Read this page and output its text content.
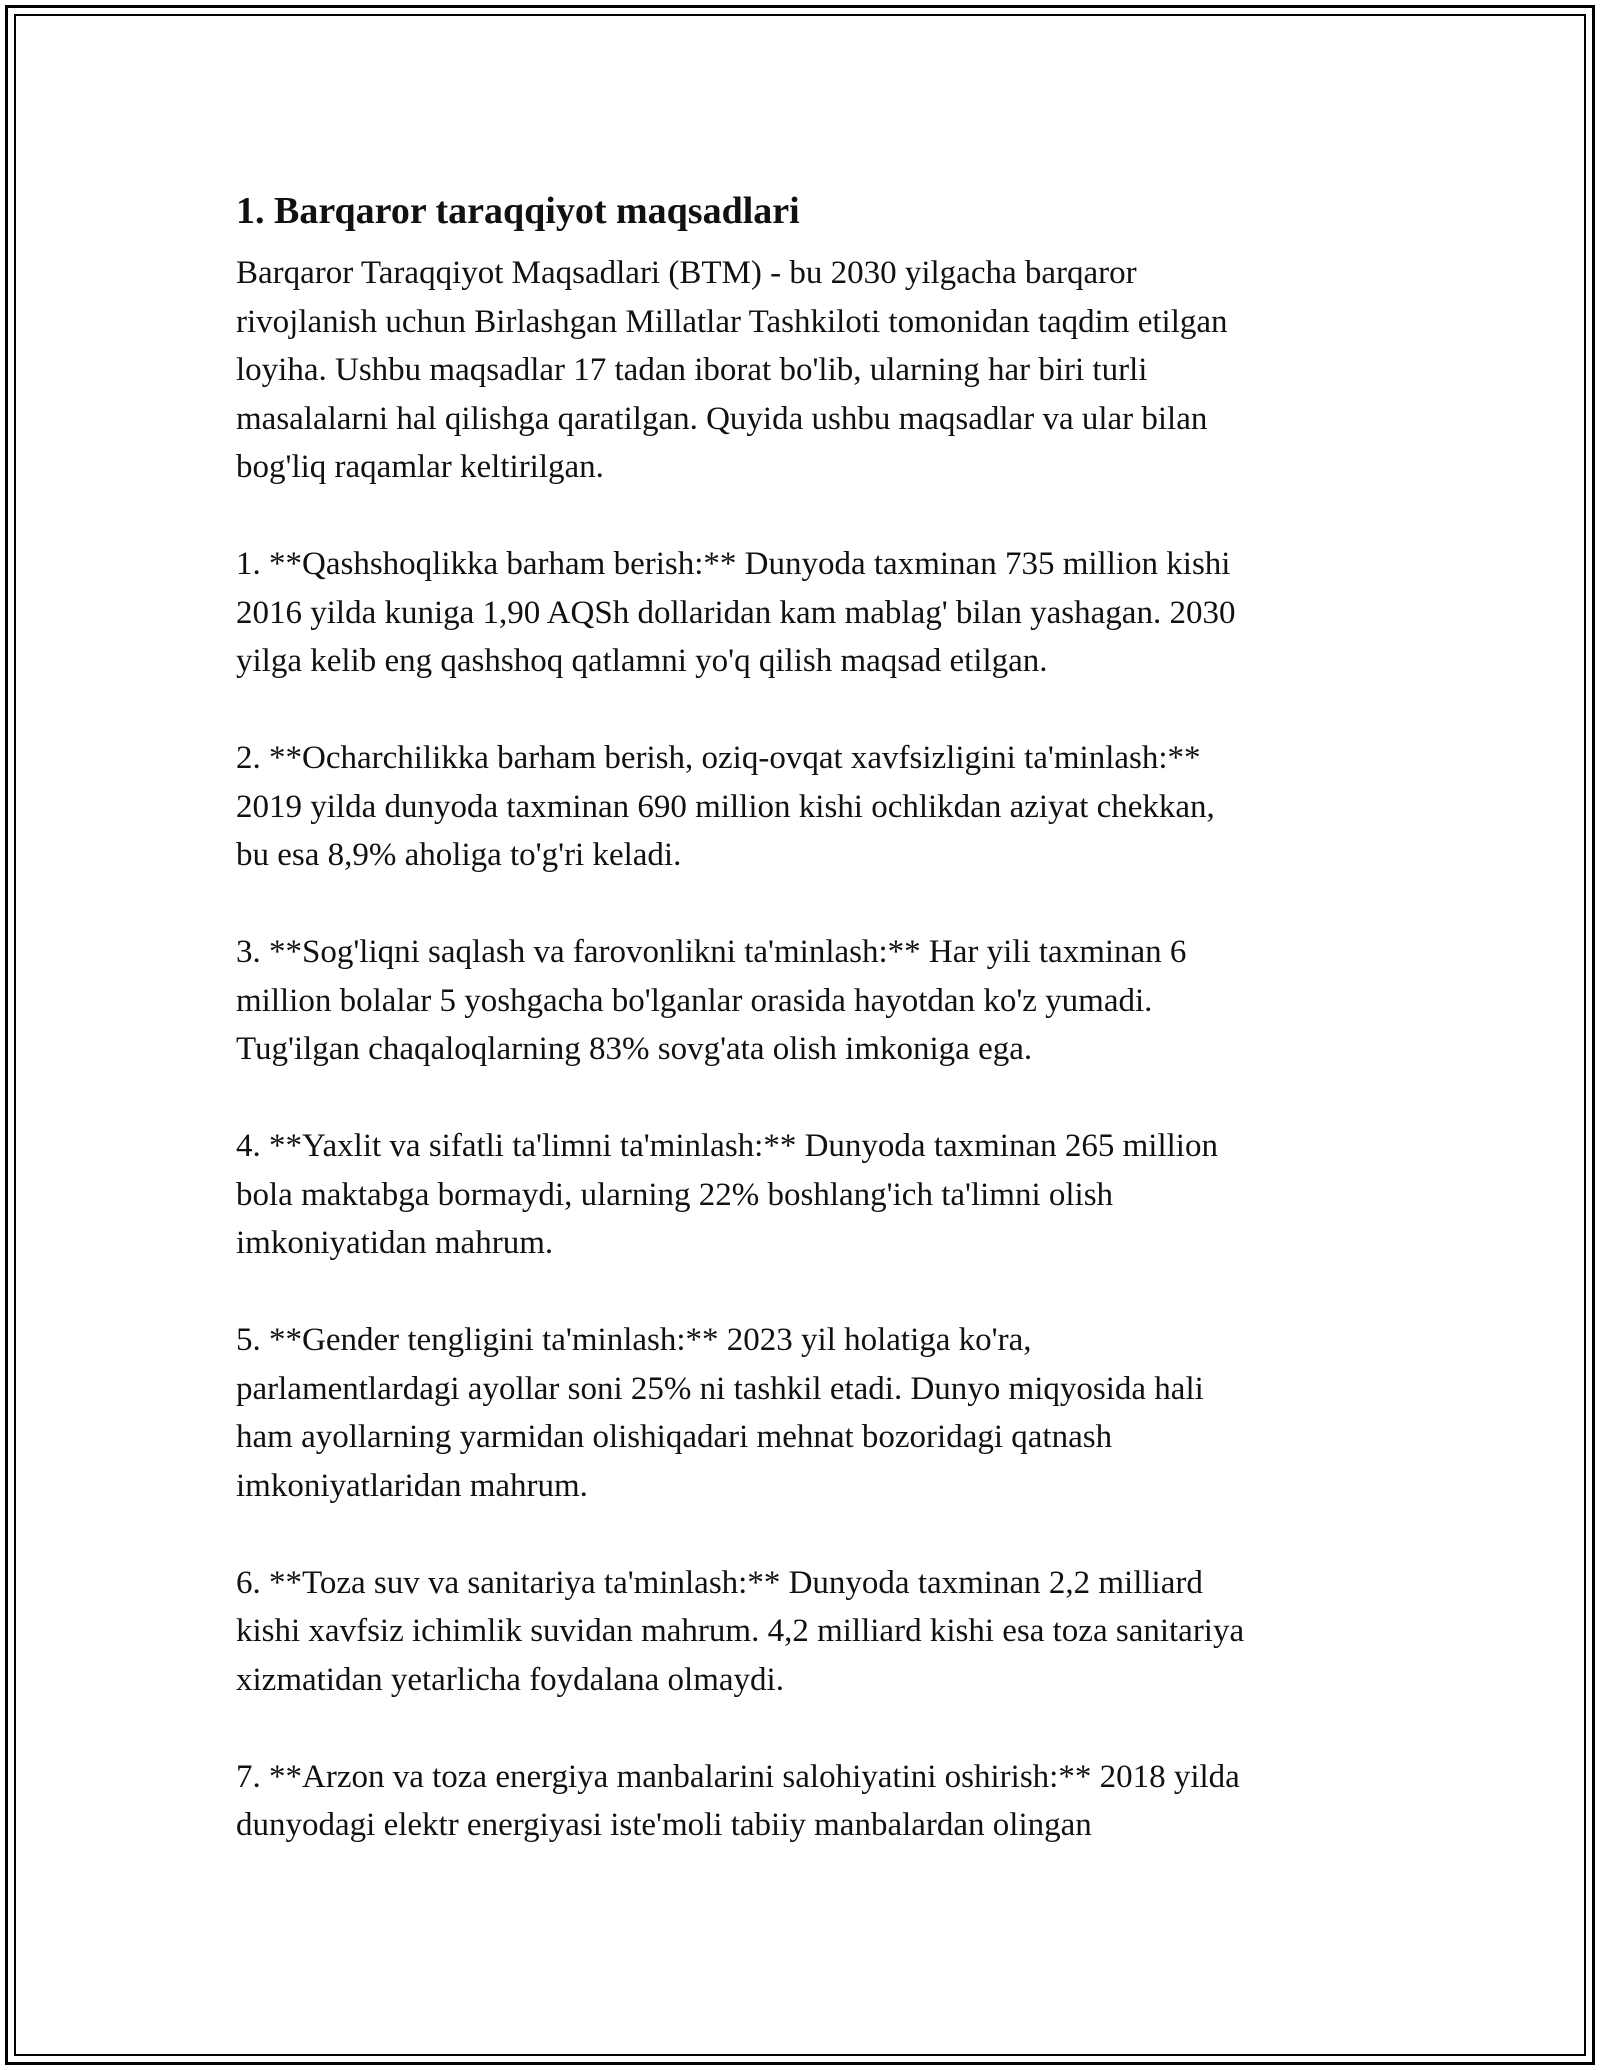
1. Barqaror taraqqiyot maqsadlari
Barqaror Taraqqiyot Maqsadlari (BTM) - bu 2030 yilgacha barqaror
rivojlanish uchun Birlashgan Millatlar Tashkiloti tomonidan taqdim etilgan
loyiha. Ushbu maqsadlar 17 tadan iborat bo'lib, ularning har biri turli
masalalarni hal qilishga qaratilgan. Quyida ushbu maqsadlar va ular bilan
bog'liq raqamlar keltirilgan.
1. **Qashshoqlikka barham berish:** Dunyoda taxminan 735 million kishi
2016 yilda kuniga 1,90 AQSh dollaridan kam mablag' bilan yashagan. 2030
yilga kelib eng qashshoq qatlamni yo'q qilish maqsad etilgan.
2. **Ocharchilikka barham berish, oziq-ovqat xavfsizligini ta'minlash:**
2019 yilda dunyoda taxminan 690 million kishi ochlikdan aziyat chekkan,
bu esa 8,9% aholiga to'g'ri keladi.
3. **Sog'liqni saqlash va farovonlikni ta'minlash:** Har yili taxminan 6
million bolalar 5 yoshgacha bo'lganlar orasida hayotdan ko'z yumadi.
Tug'ilgan chaqaloqlarning 83% sovg'ata olish imkoniga ega.
4. **Yaxlit va sifatli ta'limni ta'minlash:** Dunyoda taxminan 265 million
bola maktabga bormaydi, ularning 22% boshlang'ich ta'limni olish
imkoniyatidan mahrum.
5. **Gender tengligini ta'minlash:** 2023 yil holatiga ko'ra,
parlamentlardagi ayollar soni 25% ni tashkil etadi. Dunyo miqyosida hali
ham ayollarning yarmidan olishiqadari mehnat bozoridagi qatnash
imkoniyatlaridan mahrum.
6. **Toza suv va sanitariya ta'minlash:** Dunyoda taxminan 2,2 milliard
kishi xavfsiz ichimlik suvidan mahrum. 4,2 milliard kishi esa toza sanitariya
xizmatidan yetarlicha foydalana olmaydi.
7. **Arzon va toza energiya manbalarini salohiyatini oshirish:** 2018 yilda
dunyodagi elektr energiyasi iste'moli tabiiy manbalardan olingan
